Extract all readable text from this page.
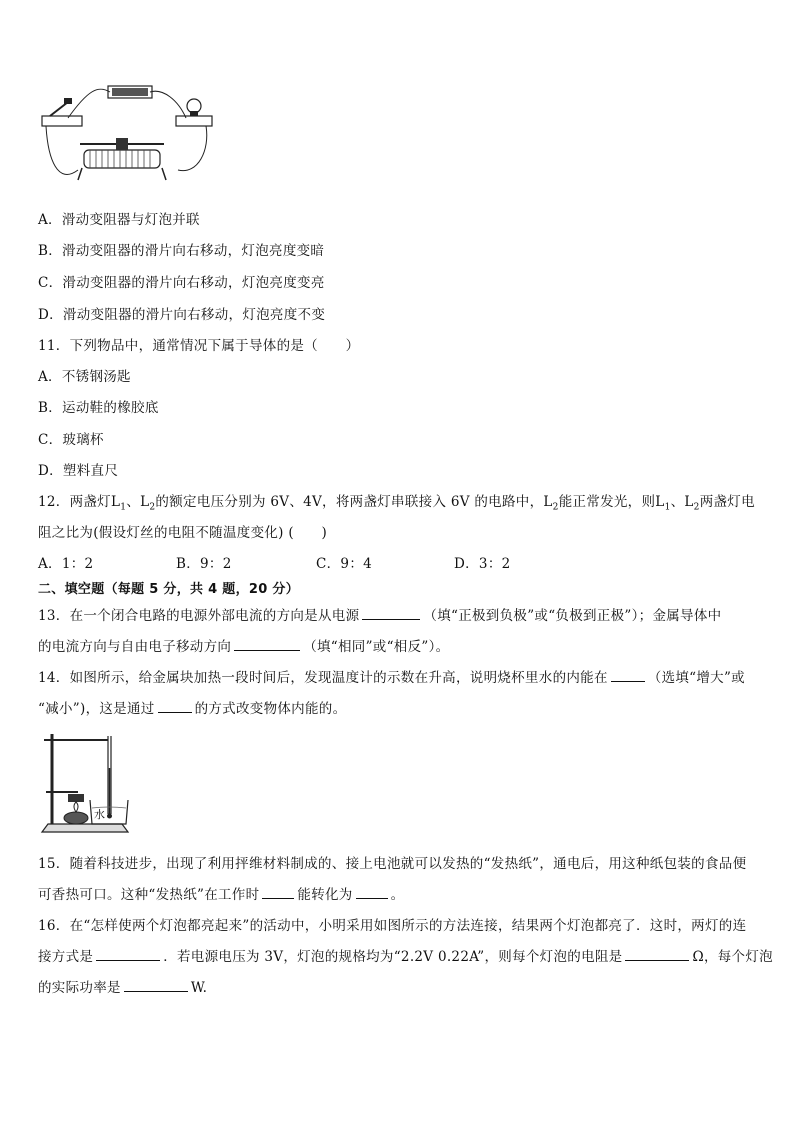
A．滑动变阻器与灯泡并联
B．滑动变阻器的滑片向右移动，灯泡亮度变暗
C．滑动变阻器的滑片向右移动，灯泡亮度变亮
D．滑动变阻器的滑片向右移动，灯泡亮度不变
11．下列物品中，通常情况下属于导体的是（　　）
A．不锈钢汤匙
B．运动鞋的橡胶底
C．玻璃杯
D．塑料直尺
12．两盏灯$L_1$、$L_2$的额定电压分别为 6V、4V，将两盏灯串联接入 6V 的电路中，$L_2$能正常发光，则$L_1$、$L_2$两盏灯电
阻之比为(假设灯丝的电阻不随温度变化) (　　)
A．1：2	B．9：2	C．9：4	D．3：2
二、填空题（每题 5 分，共 4 题，20 分）
13．在一个闭合电路的电源外部电流的方向是从电源	（填“正极到负极”或“负极到正极”）；金属导体中
的电流方向与自由电子移动方向	（填“相同”或“相反”）。
14．如图所示，给金属块加热一段时间后，发现温度计的示数在升高，说明烧杯里水的内能在	（选填“增大”或
“减小”)，这是通过	的方式改变物体内能的。
水
15．随着科技进步，出现了利用抨维材料制成的、接上电池就可以发热的“发热纸”，通电后，用这种纸包装的食品便
可香热可口。这种“发热纸”在工作时	能转化为	。
16．在“怎样使两个灯泡都亮起来”的活动中，小明采用如图所示的方法连接，结果两个灯泡都亮了．这时，两灯的连
接方式是	．若电源电压为 3V，灯泡的规格均为“2.2V 0.22A”，则每个灯泡的电阻是	Ω，每个灯泡
的实际功率是	W.
